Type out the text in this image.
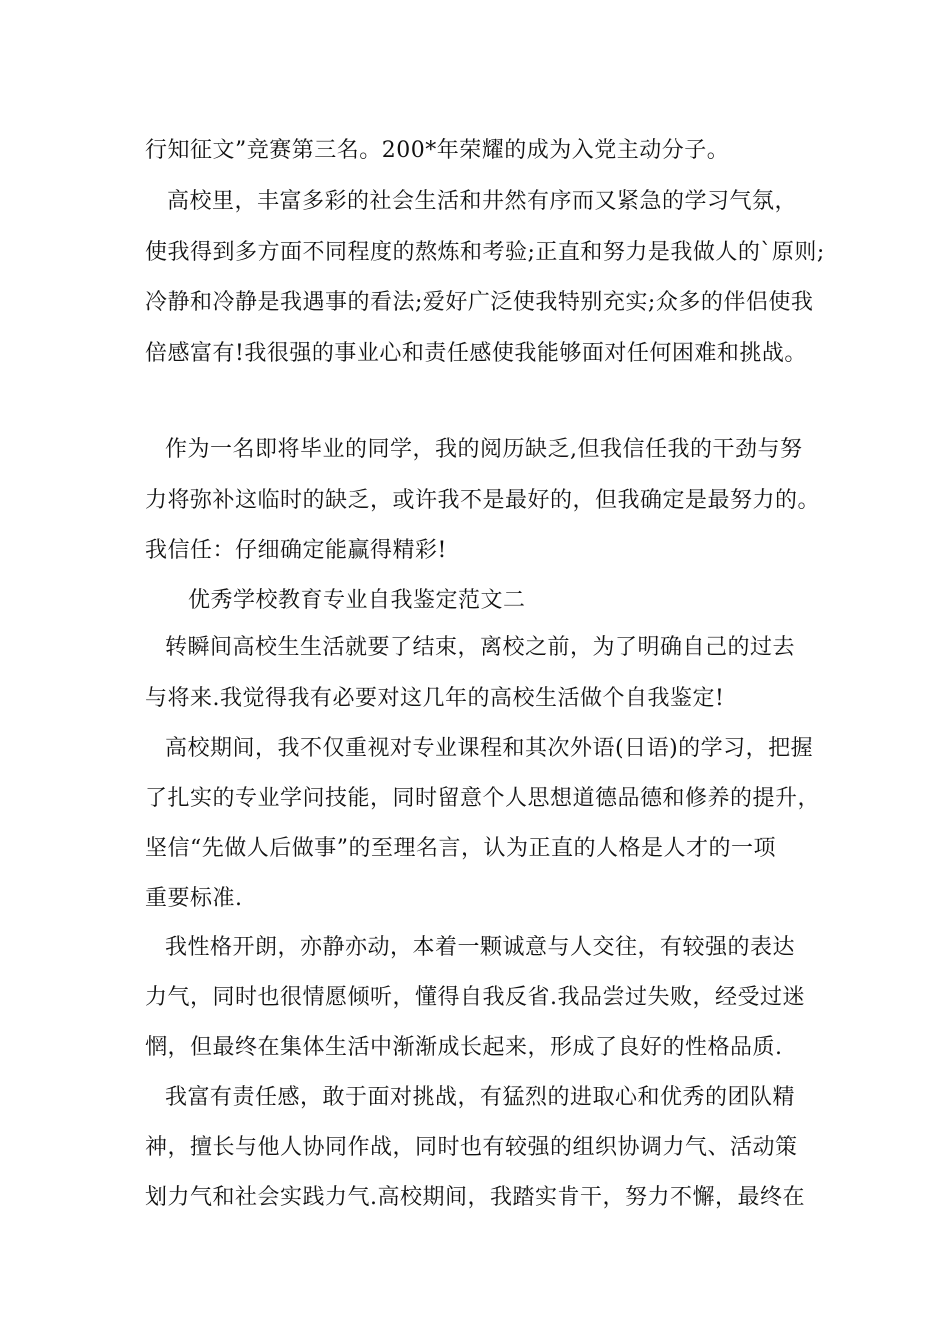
行知征文”竞赛第三名。200*年荣耀的成为入党主动分子。
高校里，丰富多彩的社会生活和井然有序而又紧急的学习气氛，
使我得到多方面不同程度的熬炼和考验;正直和努力是我做人的`原则;
冷静和冷静是我遇事的看法;爱好广泛使我特别充实;众多的伴侣使我
倍感富有!我很强的事业心和责任感使我能够面对任何困难和挑战。
作为一名即将毕业的同学，我的阅历缺乏,但我信任我的干劲与努
力将弥补这临时的缺乏，或许我不是最好的，但我确定是最努力的。
我信任：仔细确定能赢得精彩!
优秀学校教育专业自我鉴定范文二
转瞬间高校生生活就要了结束，离校之前，为了明确自己的过去
与将来.我觉得我有必要对这几年的高校生活做个自我鉴定!
高校期间，我不仅重视对专业课程和其次外语(日语)的学习，把握
了扎实的专业学问技能，同时留意个人思想道德品德和修养的提升，
坚信“先做人后做事”的至理名言，认为正直的人格是人才的一项
重要标准.
我性格开朗，亦静亦动，本着一颗诚意与人交往，有较强的表达
力气，同时也很情愿倾听，懂得自我反省.我品尝过失败，经受过迷
惘，但最终在集体生活中渐渐成长起来，形成了良好的性格品质.
我富有责任感，敢于面对挑战，有猛烈的进取心和优秀的团队精
神，擅长与他人协同作战，同时也有较强的组织协调力气、活动策
划力气和社会实践力气.高校期间，我踏实肯干，努力不懈，最终在
